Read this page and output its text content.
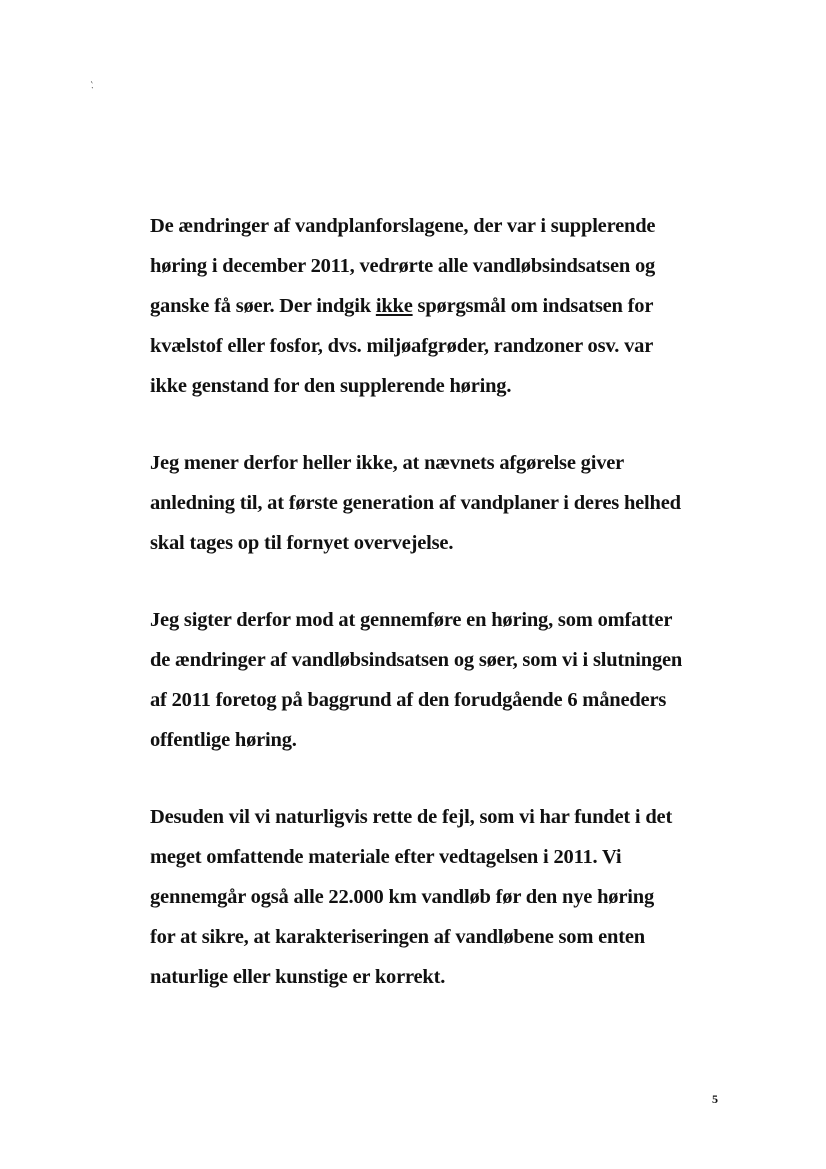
.'

De ændringer af vandplanforslagene, der var i supplerende
høring i december 2011, vedrørte alle vandløbsindsatsen og
ganske få søer. Der indgik ikke spørgsmål om indsatsen for
kvælstof eller fosfor, dvs. miljøafgrøder, randzoner osv. var
ikke genstand for den supplerende høring.

Jeg mener derfor heller ikke, at nævnets afgørelse giver
anledning til, at første generation af vandplaner i deres helhed
skal tages op til fornyet overvejelse.

Jeg sigter derfor mod at gennemføre en høring, som omfatter
de ændringer af vandløbsindsatsen og søer, som vi i slutningen
af 2011 foretog på baggrund af den forudgående 6 måneders
offentlige høring.

Desuden vil vi naturligvis rette de fejl, som vi har fundet i det
meget omfattende materiale efter vedtagelsen i 2011. Vi
gennemgår også alle 22.000 km vandløb før den nye høring
for at sikre, at karakteriseringen af vandløbene som enten
naturlige eller kunstige er korrekt.

5
